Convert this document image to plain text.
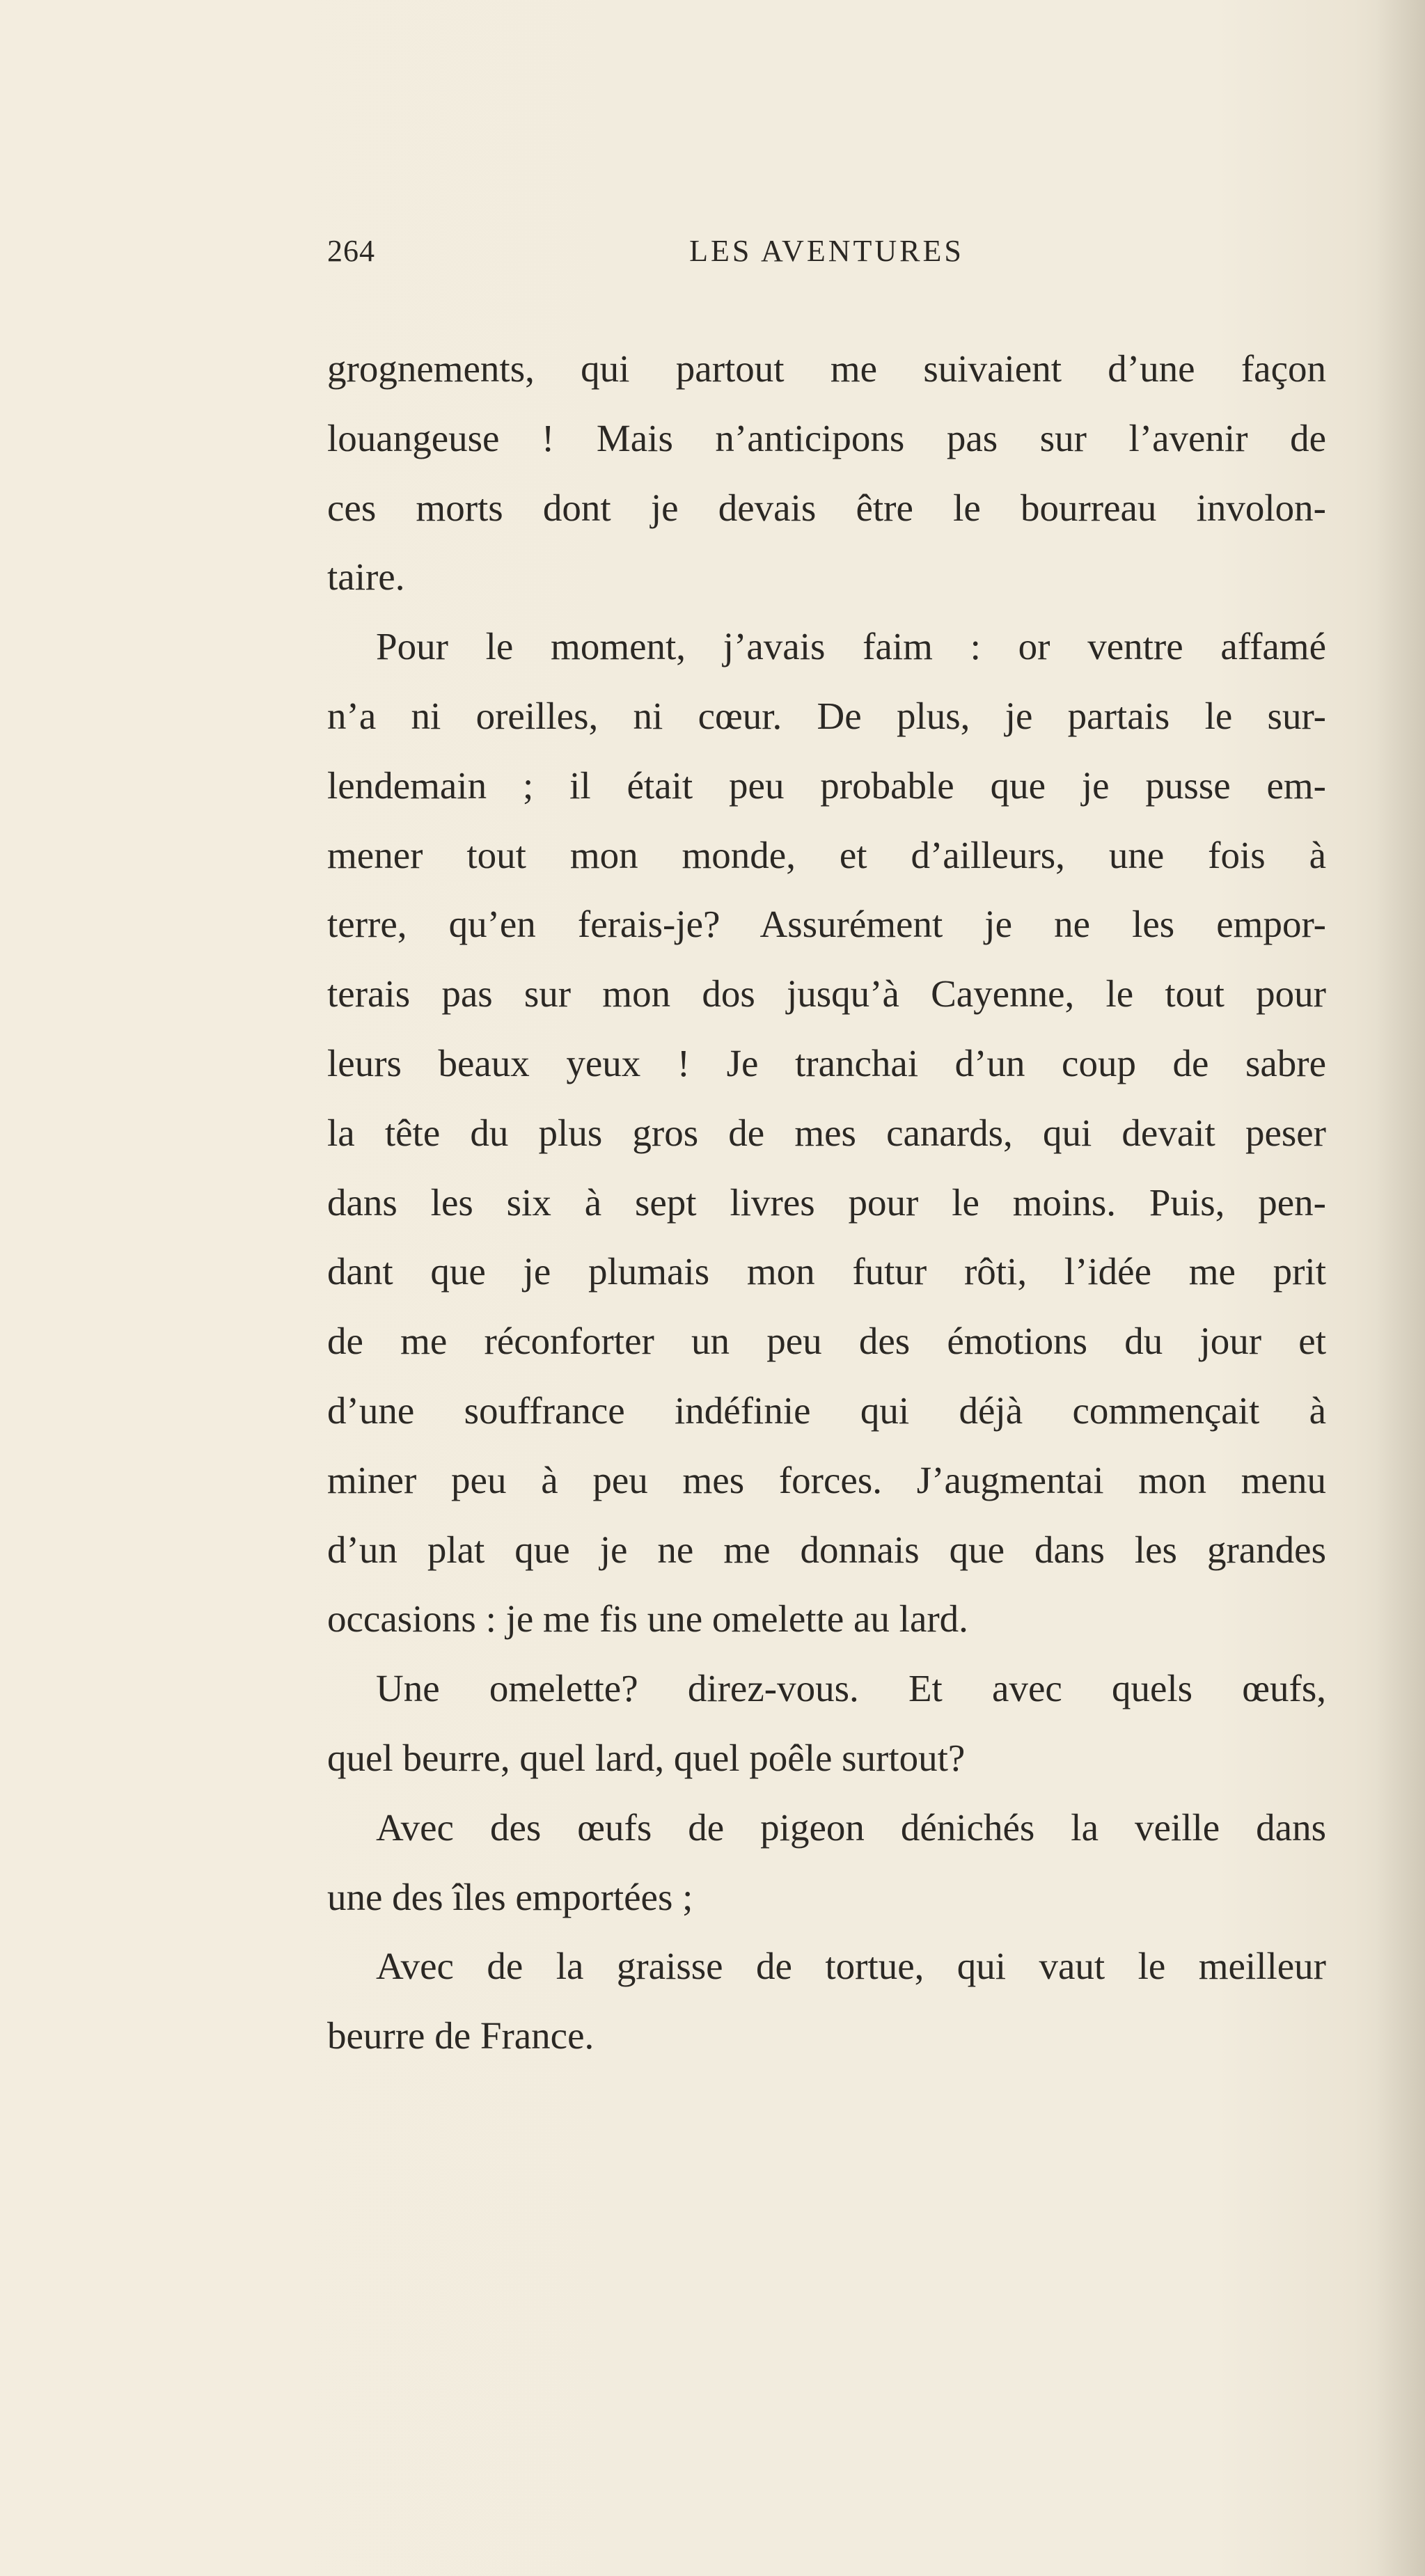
264	LES AVENTURES
grognements, qui partout me suivaient d’une façon
louangeuse ! Mais n’anticipons pas sur l’avenir de
ces morts dont je devais être le bourreau involon-
taire.
Pour le moment, j’avais faim : or ventre affamé
n’a ni oreilles, ni cœur. De plus, je partais le sur-
lendemain ; il était peu probable que je pusse em-
mener tout mon monde, et d’ailleurs, une fois à
terre, qu’en ferais-je? Assurément je ne les empor-
terais pas sur mon dos jusqu’à Cayenne, le tout pour
leurs beaux yeux ! Je tranchai d’un coup de sabre
la tête du plus gros de mes canards, qui devait peser
dans les six à sept livres pour le moins. Puis, pen-
dant que je plumais mon futur rôti, l’idée me prit
de me réconforter un peu des émotions du jour et
d’une souffrance indéfinie qui déjà commençait à
miner peu à peu mes forces. J’augmentai mon menu
d’un plat que je ne me donnais que dans les grandes
occasions : je me fis une omelette au lard.
Une omelette? direz-vous. Et avec quels œufs,
quel beurre, quel lard, quel poêle surtout?
Avec des œufs de pigeon dénichés la veille dans
une des îles emportées ;
Avec de la graisse de tortue, qui vaut le meilleur
beurre de France.
